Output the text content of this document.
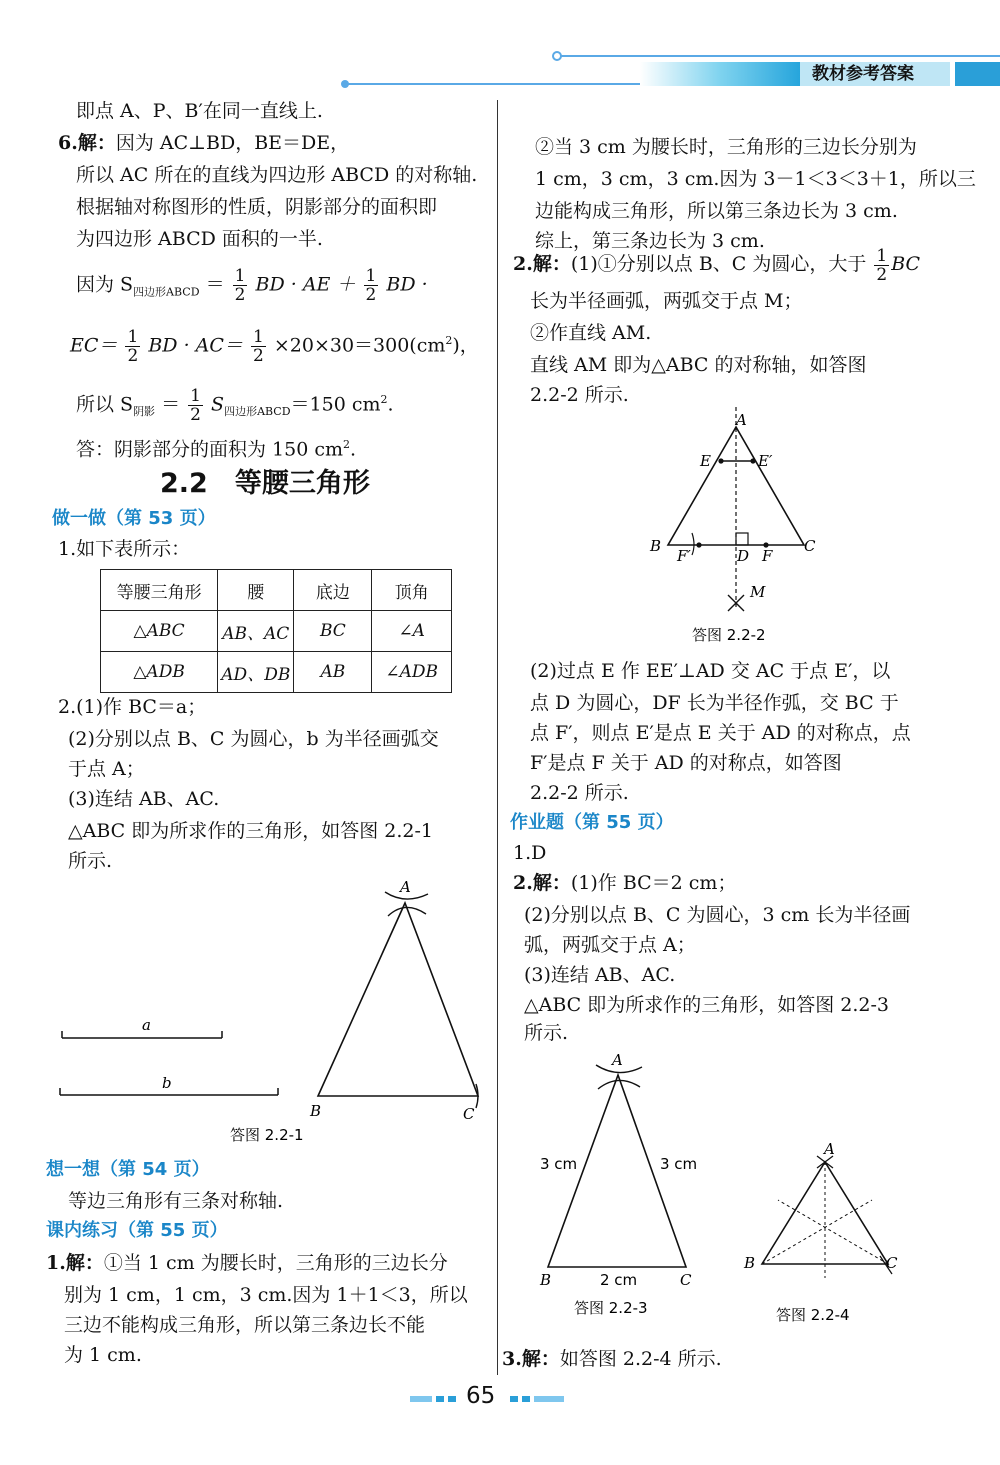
教材参考答案
即点 A、P、B′在同一直线上.
6.解：因为 AC⊥BD，BE＝DE，
所以 AC 所在的直线为四边形 ABCD 的对称轴.
根据轴对称图形的性质，阴影部分的面积即
为四边形 ABCD 面积的一半.
因为 $S_{四边形ABCD} = \frac{1}{2}$ BD · AE ＋ $\frac{1}{2}$ BD ·
$EC= \frac{1}{2}$ BD · $AC= \frac{1}{2} \times 20\times 30=300(cm^2)$，
所以 $S_{阴影} = \frac{1}{2} S_{四边形ABCD}=150$ $cm^2$.
答：阴影部分的面积为 150 $cm^2$.
2.2　等腰三角形
做一做（第 53 页）
1.如下表所示：
等腰三角形	腰	底边	顶角
△ABC	AB、AC	BC	∠A
△ADB	AD、DB	AB	∠ADB
2.(1)作 BC＝a；
(2)分别以点 B、C 为圆心，b 为半径画弧交
于点 A；
(3)连结 AB、AC.
△ABC 即为所求作的三角形，如答图 2.2-1
所示.
a
b
A
B	C
答图 2.2-1
想一想（第 54 页）
等边三角形有三条对称轴.
课内练习（第 55 页）
1.解：①当 1 cm 为腰长时，三角形的三边长分
别为 1 cm，1 cm，3 cm.因为 1＋1＜3，所以
三边不能构成三角形，所以第三条边长不能
为 1 cm.
②当 3 cm 为腰长时，三角形的三边长分别为
1 cm，3 cm，3 cm.因为 3－1＜3＜3＋1，所以三
边能构成三角形，所以第三条边长为 3 cm.
综上，第三条边长为 3 cm.
2.解：(1)①分别以点 B、C 为圆心，大于 $\frac{1}{2}$ BC
长为半径画弧，两弧交于点 M；
②作直线 AM.
直线 AM 即为△ABC 的对称轴，如答图
2.2-2 所示.
A
E	E′
B
F′	D F
C
M
答图 2.2-2
(2)过点 E 作 EE′⊥AD 交 AC 于点 E′，以
点 D 为圆心，DF 长为半径作弧，交 BC 于
点 F′，则点 E′是点 E 关于 AD 的对称点，点
F′是点 F 关于 AD 的对称点，如答图
2.2-2 所示.
作业题（第 55 页）
1.D
2.解：(1)作 BC＝2 cm；
(2)分别以点 B、C 为圆心，3 cm 长为半径画
弧，两弧交于点 A；
(3)连结 AB、AC.
△ABC 即为所求作的三角形，如答图 2.2-3
所示.
A
B	C
3 cm	3 cm
2 cm
答图 2.2-3
A
B	C
答图 2.2-4
3.解：如答图 2.2-4 所示.
65
